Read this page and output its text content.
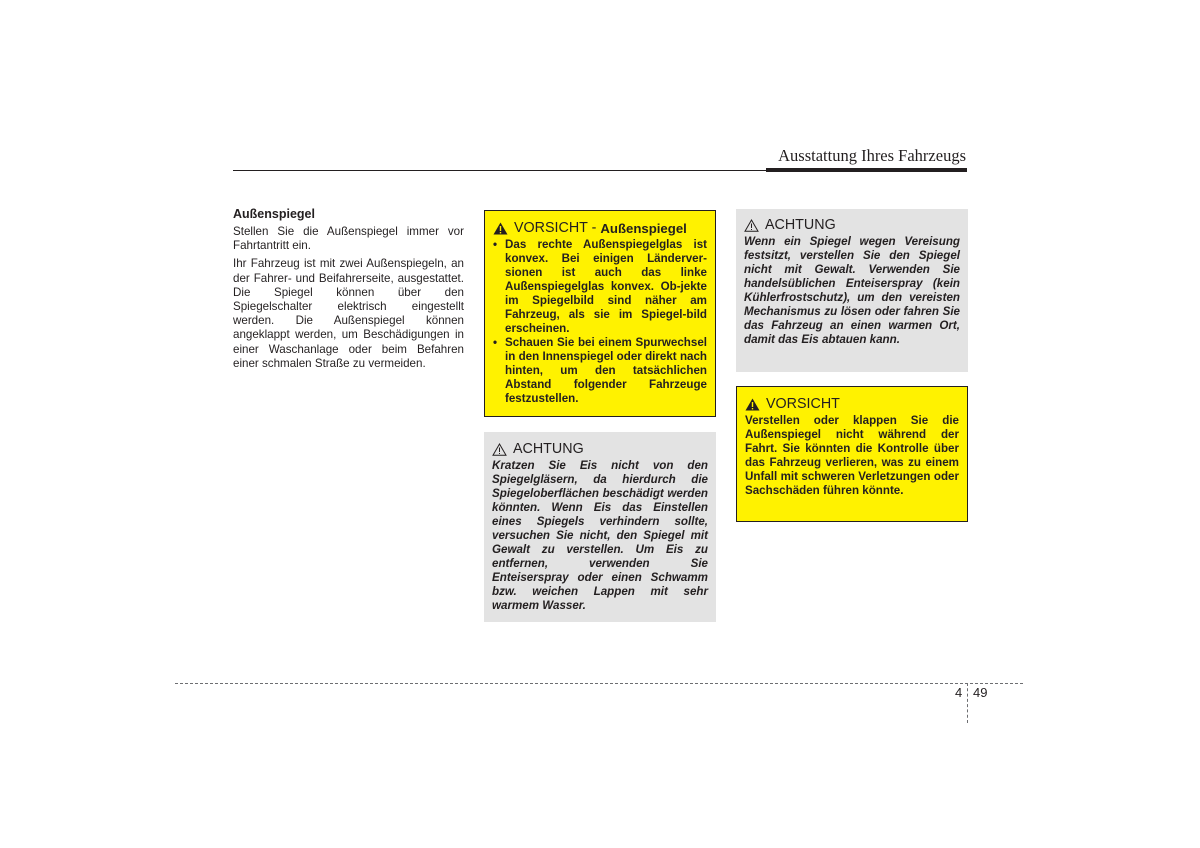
Ausstattung Ihres Fahrzeugs
Außenspiegel

Stellen Sie die Außenspiegel immer vor Fahrtantritt ein.

Ihr Fahrzeug ist mit zwei Außenspiegeln, an der Fahrer- und Beifahrerseite, ausgestattet. Die Spiegel können über den Spiegelschalter elektrisch eingestellt werden. Die Außenspiegel können angeklappt werden, um Beschädigungen in einer Waschanlage oder beim Befahren einer schmalen Straße zu vermeiden.

VORSICHT - Außenspiegel
• Das rechte Außenspiegelglas ist konvex. Bei einigen Länderver-sionen ist auch das linke Außenspiegelglas konvex. Ob-jekte im Spiegelbild sind näher am Fahrzeug, als sie im Spiegel-bild erscheinen.
• Schauen Sie bei einem Spurwechsel in den Innenspiegel oder direkt nach hinten, um den tatsächlichen Abstand folgender Fahrzeuge festzustellen.
ACHTUNG

Kratzen Sie Eis nicht von den Spiegelgläsern, da hierdurch die Spiegeloberflächen beschädigt werden könnten. Wenn Eis das Einstellen eines Spiegels verhindern sollte, versuchen Sie nicht, den Spiegel mit Gewalt zu verstellen. Um Eis zu entfernen, verwenden Sie Enteiserspray oder einen Schwamm bzw. weichen Lappen mit sehr warmem Wasser.

ACHTUNG

Wenn ein Spiegel wegen Vereisung festsitzt, verstellen Sie den Spiegel nicht mit Gewalt. Verwenden Sie handelsüblichen Enteiserspray (kein Kühlerfrostschutz), um den vereisten Mechanismus zu lösen oder fahren Sie das Fahrzeug an einen warmen Ort, damit das Eis abtauen kann.

VORSICHT

Verstellen oder klappen Sie die Außenspiegel nicht während der Fahrt. Sie könnten die Kontrolle über das Fahrzeug verlieren, was zu einem Unfall mit schweren Verletzungen oder Sachschäden führen könnte.

4 49
